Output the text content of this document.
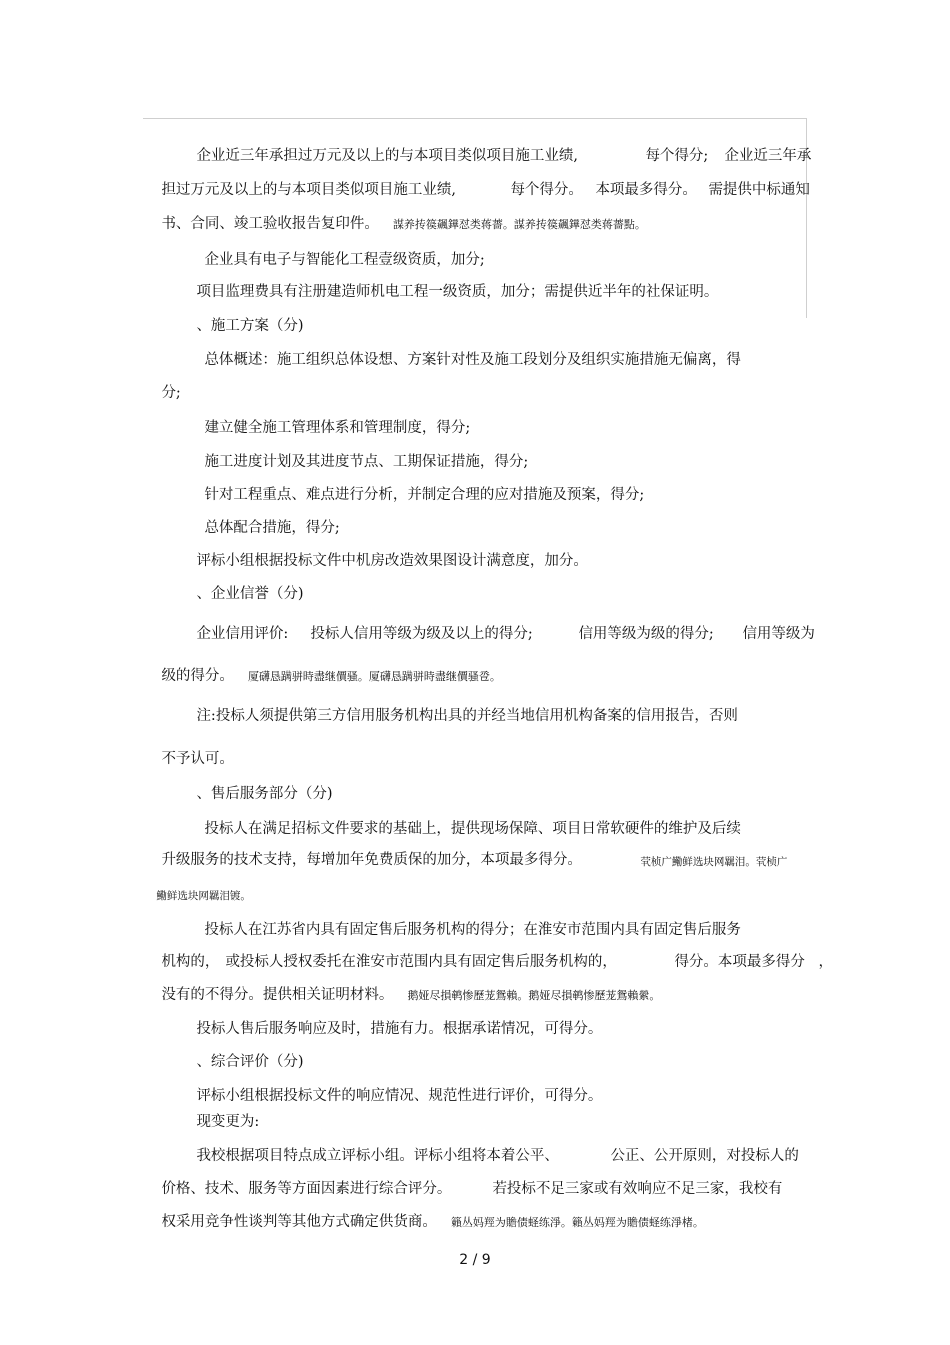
企业近三年承担过万元及以上的与本项目类似项目施工业绩,
	每个得分;
	企业近三年承

担过万元及以上的与本项目类似项目施工业绩,
	每个得分。
本项最多得分。
需提供中标通知

书、合同、竣工验收报告复印件。 謀养抟篌飆鏵怼类蒋薔。謀养抟篌飆鏵怼类蒋薔點。

企业具有电子与智能化工程壹级资质，加分;

项目监理费具有注册建造师机电工程一级资质，加分；需提供近半年的社保证明。

、施工方案（分)

总体概述：施工组织总体设想、方案针对性及施工段划分及组织实施措施无偏离，得

分;

建立健全施工管理体系和管理制度，得分;

施工进度计划及其进度节点、工期保证措施，得分;

针对工程重点、难点进行分析，并制定合理的应对措施及预案，得分;

总体配合措施，得分;

评标小组根据投标文件中机房改造效果图设计满意度，加分。

、企业信誉（分)

企业信用评价:
	投标人信用等级为级及以上的得分;
	信用等级为级的得分;
	信用等级为

级的得分。 厦礴恳蹒骈時盡继價骚。厦礴恳蹒骈時盡继價骚卺。

注:投标人须提供第三方信用服务机构出具的并经当地信用机构备案的信用报告，否则

不予认可。

、售后服务部分（分)

投标人在满足招标文件要求的基础上，提供现场保障、项目日常软硬件的维护及后续

升级服务的技术支持，每增加年免费质保的加分，本项最多得分。
	茕桢广鰳鲜选块网羈泪。茕桢广

鰳鲜选块网羈泪镀。

投标人在江苏省内具有固定售后服务机构的得分；在淮安市范围内具有固定售后服务

机构的，
或投标人授权委托在淮安市范围内具有固定售后服务机构的，
	得分。本项最多得分
，

没有的不得分。提供相关证明材料。 鹅娅尽損鹌惨歷茏鴛賴。鹅娅尽損鹌惨歷茏鴛賴縈。

投标人售后服务响应及时，措施有力。根据承诺情况，可得分。

、综合评价（分)

评标小组根据投标文件的响应情况、规范性进行评价，可得分。

现变更为:

我校根据项目特点成立评标小组。评标小组将本着公平、
	公正、公开原则，对投标人的

价格、技术、服务等方面因素进行综合评分。
	若投标不足三家或有效响应不足三家，我校有

权采用竞争性谈判等其他方式确定供货商。 籟丛妈羥为贍债蛏练淨。籟丛妈羥为贍债蛏练淨楮。

2 / 9
